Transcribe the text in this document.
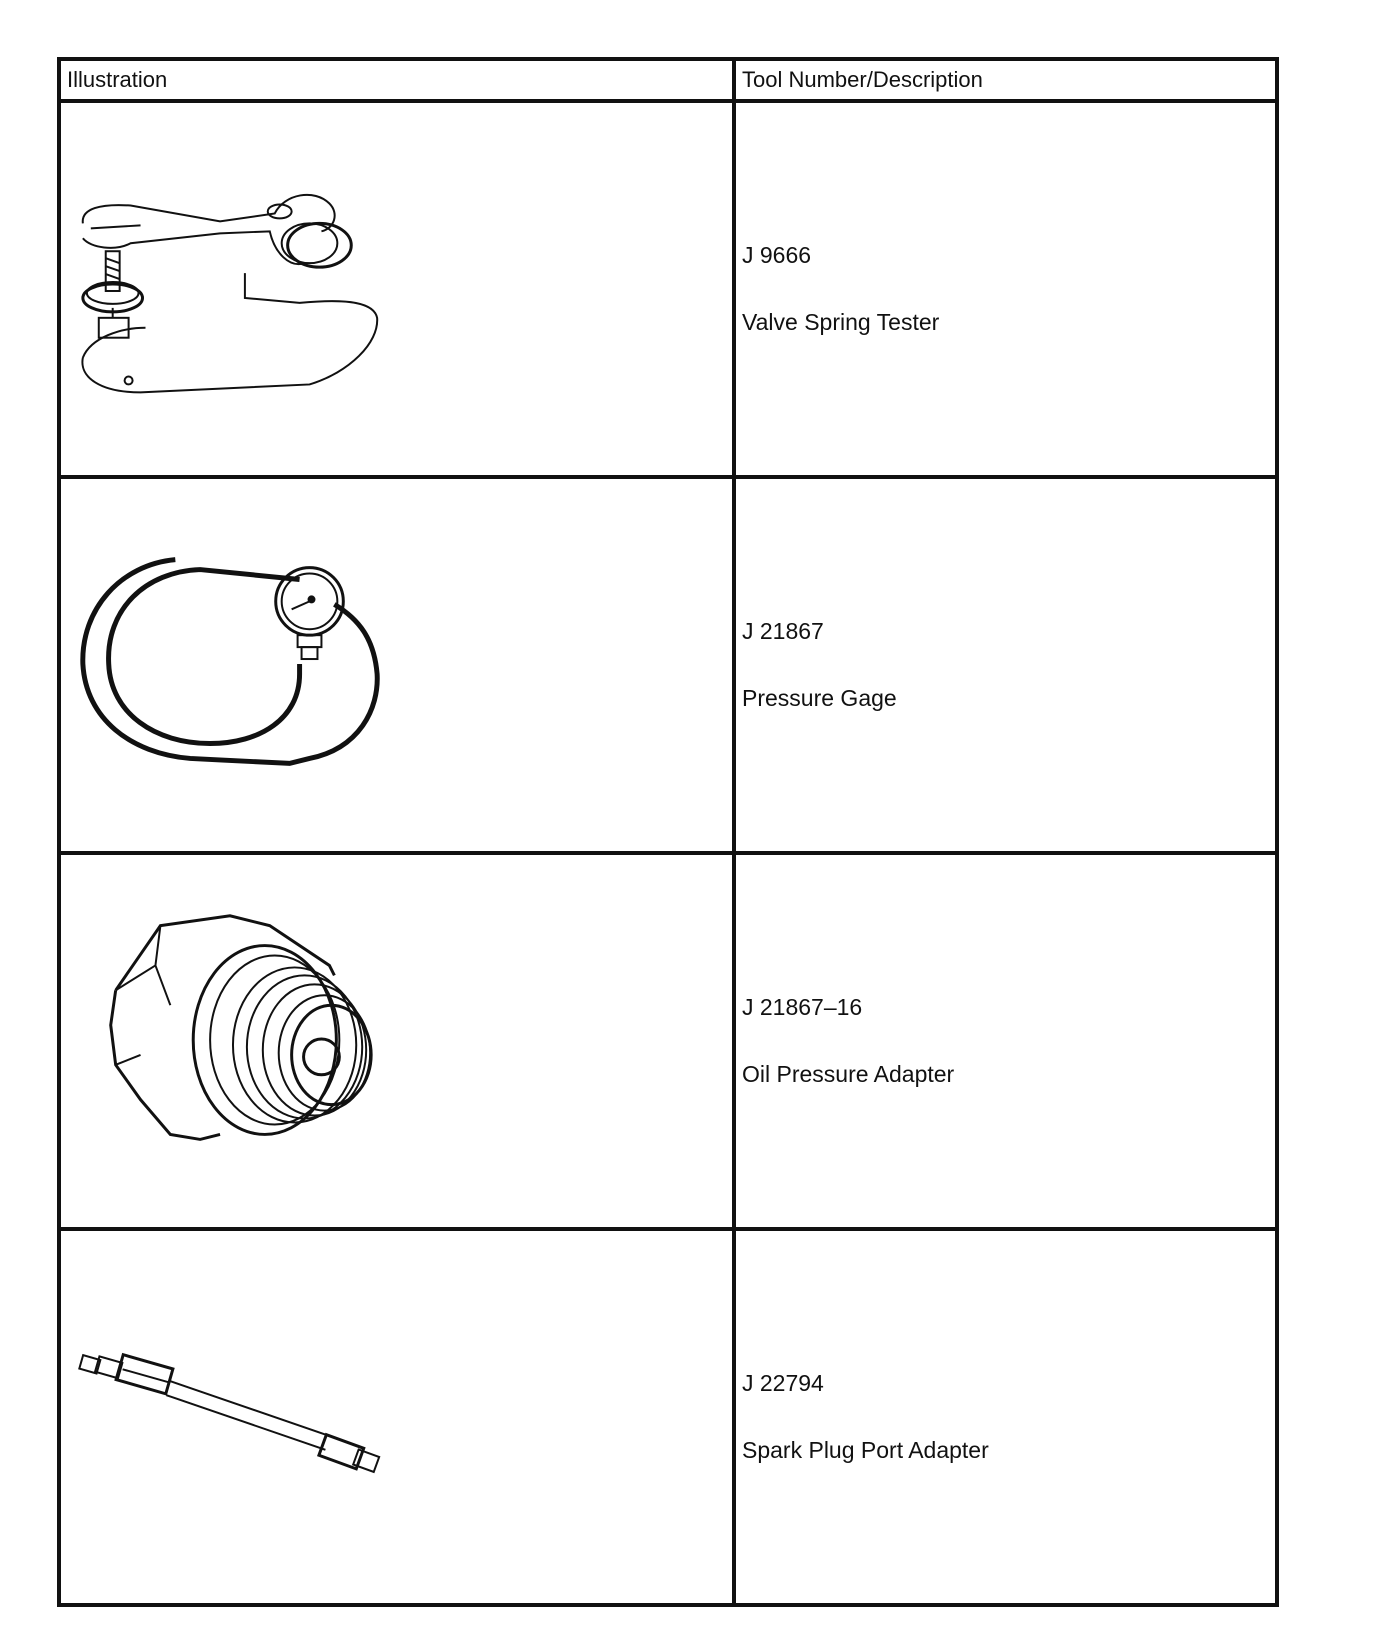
Illustration	Tool Number/Description

J 9666
Valve Spring Tester

J 21867
Pressure Gage

J 21867–16
Oil Pressure Adapter

J 22794
Spark Plug Port Adapter
